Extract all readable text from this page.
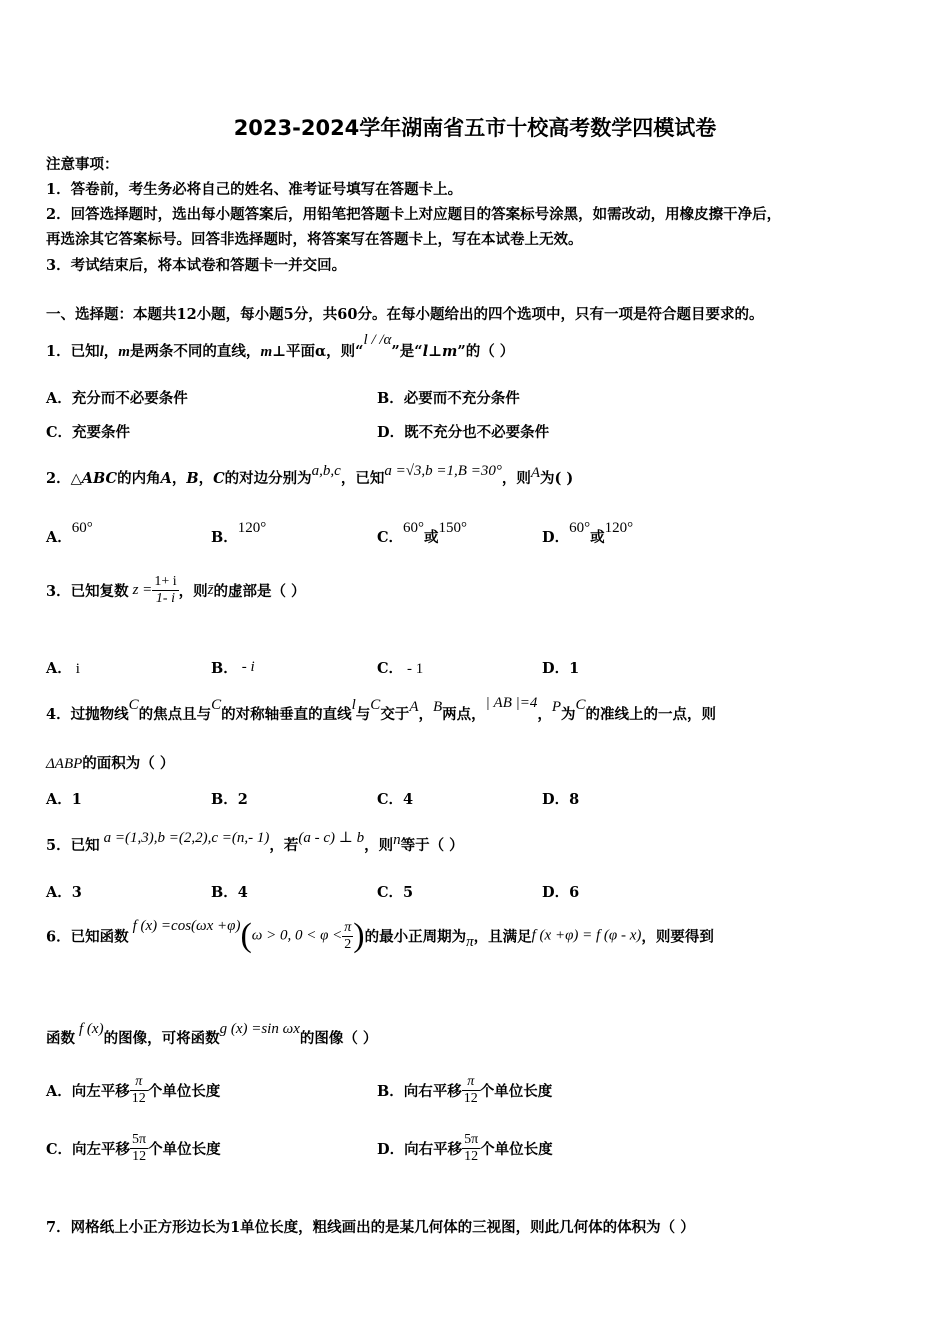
2023-2024学年湖南省五市十校高考数学四模试卷
注意事项：
1．答卷前，考生务必将自己的姓名、准考证号填写在答题卡上。
2．回答选择题时，选出每小题答案后，用铅笔把答题卡上对应题目的答案标号涂黑，如需改动，用橡皮擦干净后，
再选涂其它答案标号。回答非选择题时，将答案写在答题卡上，写在本试卷上无效。
3．考试结束后，将本试卷和答题卡一并交回。
一、选择题：本题共12小题，每小题5分，共60分。在每小题给出的四个选项中，只有一项是符合题目要求的。
1．已知l，m是两条不同的直线，m⊥平面α，则“l / /α”是“l⊥m”的（ ）
A．充分而不必要条件	B．必要而不充分条件
C．充要条件	D．既不充分也不必要条件
2．△ABC的内角A，B，C的对边分别为a,b,c，已知a =√3,b =1,B =30°，则A为( )
A．60°
B．120°
C．60°或150°
D．60°或120°
3．已知复数 $z = \frac{1+ i}{1- i}$ ，则z̄的虚部是（ ）
A． i	B． - i	C． - 1	D．1
4．过抛物线C的焦点且与C的对称轴垂直的直线l与C交于A，B两点，| AB |=4，P为C的准线上的一点，则
ΔABP的面积为（ ）
A．1	B．2	C．4	D．8
5．已知 a =(1,3),b =(2,2),c =(n,- 1)，若(a - c) ⊥ b，则n等于（ ）
A．3	B．4	C．5	D．6
6．已知函数f (x) =cos(ωx +φ)(ω > 0, $0 < \varphi < \frac{\pi}{2}$ )的最小正周期为π，且满足f (x +φ) = f (φ - x)，则要得到
函数f (x)的图像，可将函数g (x) =sin ωx的图像（ ）
A．向左平移 $\frac{\pi}{12}$ 个单位长度	B．向右平移 $\frac{\pi}{12}$ 个单位长度
C．向左平移 $\frac{5\pi}{12}$ 个单位长度	D．向右平移 $\frac{5\pi}{12}$ 个单位长度
7．网格纸上小正方形边长为1单位长度，粗线画出的是某几何体的三视图，则此几何体的体积为（ ）
